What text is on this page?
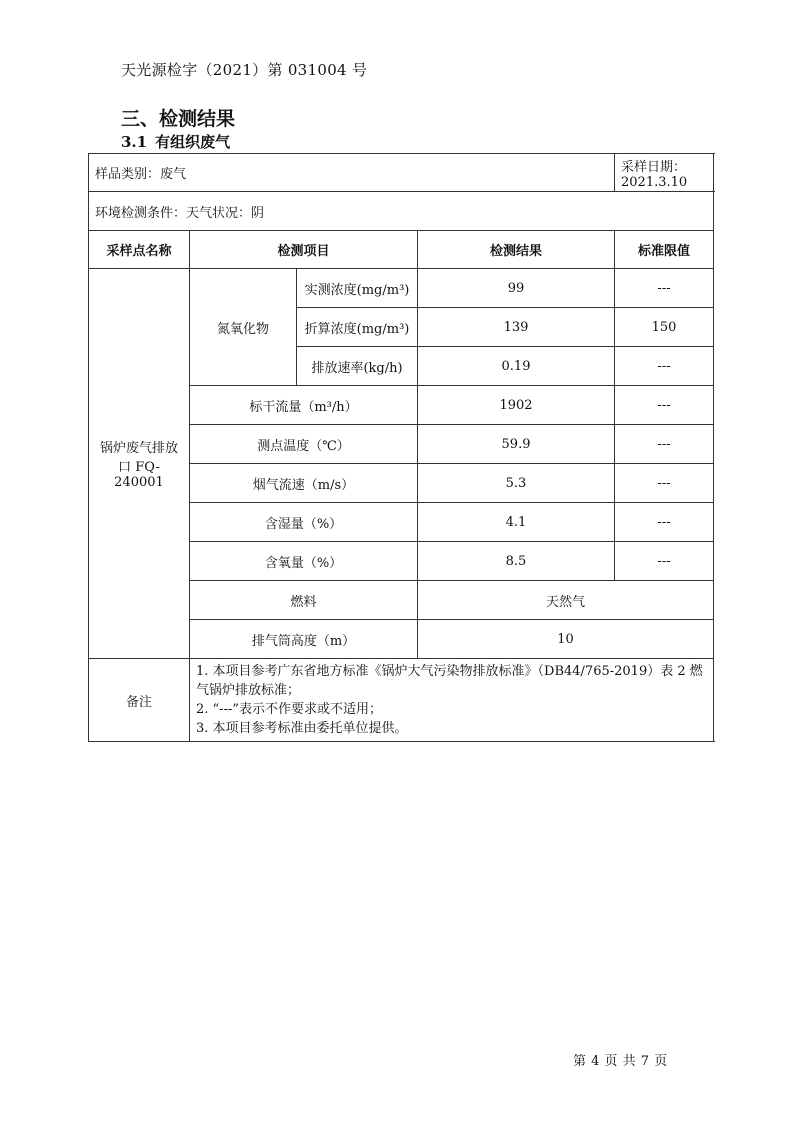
天光源检字（2021）第 031004 号
三、检测结果
3.1 有组织废气
样品类别：废气				采样日期：2021.3.10
环境检测条件：天气状况：阴				
采样点名称	检测项目		检测结果	标准限值
锅炉废气排放口 FQ-240001	氮氧化物	实测浓度(mg/m³)	99	---
		折算浓度(mg/m³)	139	150
		排放速率(kg/h)	0.19	---
	标干流量（m³/h）		1902	---
	测点温度（℃）		59.9	---
	烟气流速（m/s）		5.3	---
	含湿量（%）		4.1	---
	含氧量（%）		8.5	---
	燃料		天然气	
	排气筒高度（m）		10	
备注	1. 本项目参考广东省地方标准《锅炉大气污染物排放标准》（DB44/765-2019）表 2 燃气锅炉排放标准；
2. “---”表示不作要求或不适用；
3. 本项目参考标准由委托单位提供。			
第 4 页 共 7 页
